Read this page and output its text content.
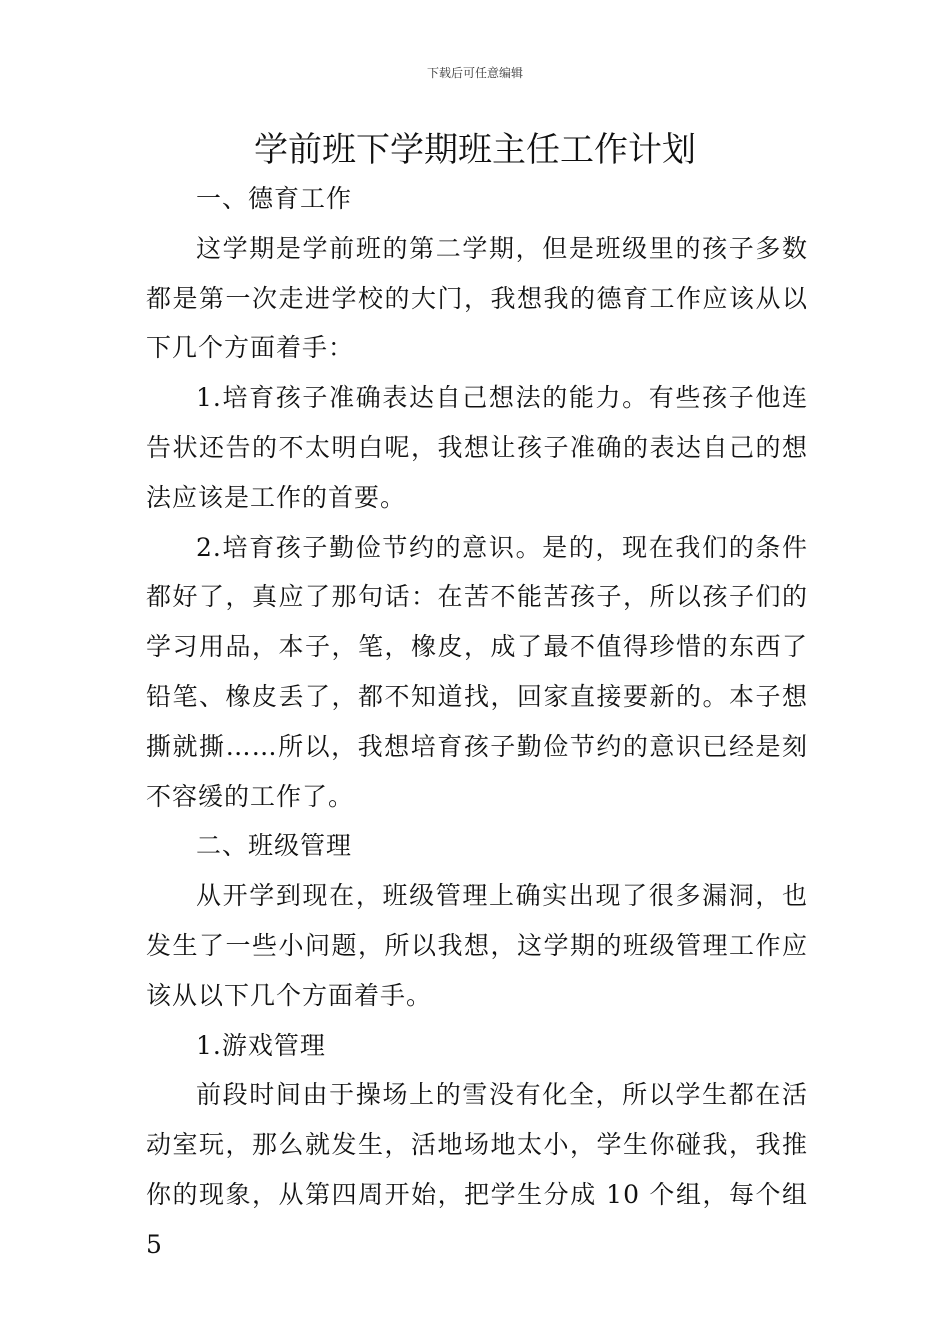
下载后可任意编辑
学前班下学期班主任工作计划

一、德育工作

这学期是学前班的第二学期，但是班级里的孩子多数都是第一次走进学校的大门，我想我的德育工作应该从以下几个方面着手：

1.培育孩子准确表达自己想法的能力。有些孩子他连告状还告的不太明白呢，我想让孩子准确的表达自己的想法应该是工作的首要。

2.培育孩子勤俭节约的意识。是的，现在我们的条件都好了，真应了那句话：在苦不能苦孩子，所以孩子们的学习用品，本子，笔，橡皮，成了最不值得珍惜的东西了铅笔、橡皮丢了，都不知道找，回家直接要新的。本子想撕就撕……所以，我想培育孩子勤俭节约的意识已经是刻不容缓的工作了。

二、班级管理

从开学到现在，班级管理上确实出现了很多漏洞，也发生了一些小问题，所以我想，这学期的班级管理工作应该从以下几个方面着手。

1.游戏管理

前段时间由于操场上的雪没有化全，所以学生都在活动室玩，那么就发生，活地场地太小，学生你碰我，我推你的现象，从第四周开始，把学生分成 10 个组，每个组 5
